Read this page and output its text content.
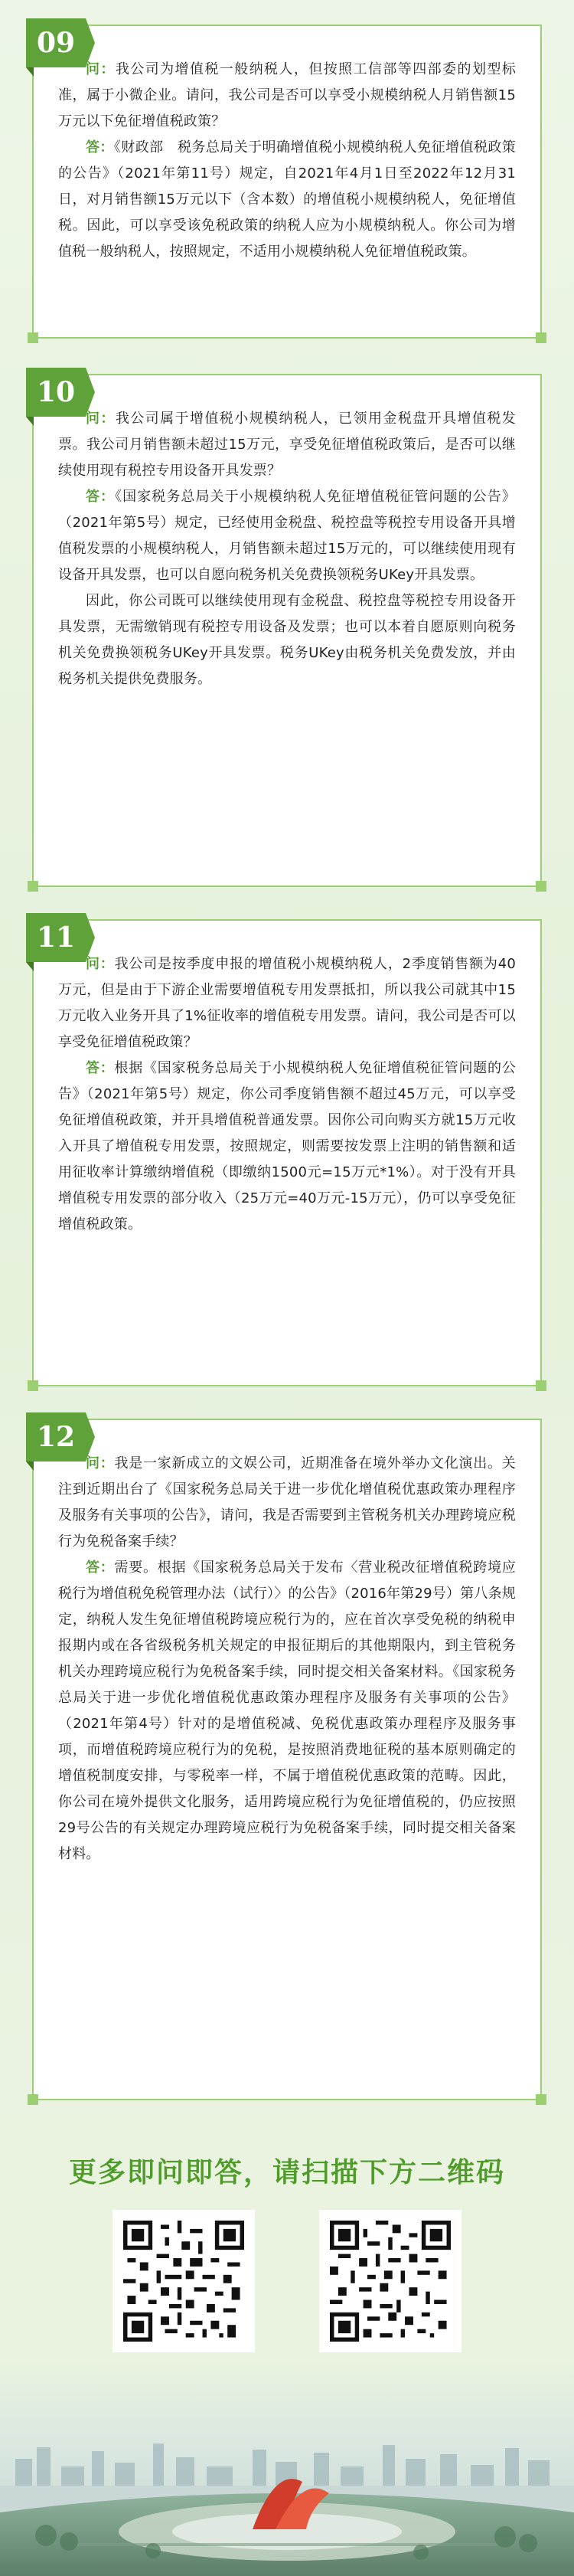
09

问：我公司为增值税一般纳税人，但按照工信部等四部委的划型标准，属于小微企业。请问，我公司是否可以享受小规模纳税人月销售额15万元以下免征增值税政策？

答：《财政部　税务总局关于明确增值税小规模纳税人免征增值税政策的公告》（2021年第11号）规定，自2021年4月1日至2022年12月31日，对月销售额15万元以下（含本数）的增值税小规模纳税人，免征增值税。因此，可以享受该免税政策的纳税人应为小规模纳税人。你公司为增值税一般纳税人，按照规定，不适用小规模纳税人免征增值税政策。

10

问：我公司属于增值税小规模纳税人，已领用金税盘开具增值税发票。我公司月销售额未超过15万元，享受免征增值税政策后，是否可以继续使用现有税控专用设备开具发票？

答：《国家税务总局关于小规模纳税人免征增值税征管问题的公告》（2021年第5号）规定，已经使用金税盘、税控盘等税控专用设备开具增值税发票的小规模纳税人，月销售额未超过15万元的，可以继续使用现有设备开具发票，也可以自愿向税务机关免费换领税务UKey开具发票。

因此，你公司既可以继续使用现有金税盘、税控盘等税控专用设备开具发票，无需缴销现有税控专用设备及发票；也可以本着自愿原则向税务机关免费换领税务UKey开具发票。税务UKey由税务机关免费发放，并由税务机关提供免费服务。

11

问：我公司是按季度申报的增值税小规模纳税人，2季度销售额为40万元，但是由于下游企业需要增值税专用发票抵扣，所以我公司就其中15万元收入业务开具了1%征收率的增值税专用发票。请问，我公司是否可以享受免征增值税政策？

答：根据《国家税务总局关于小规模纳税人免征增值税征管问题的公告》（2021年第5号）规定，你公司季度销售额不超过45万元，可以享受免征增值税政策，并开具增值税普通发票。因你公司向购买方就15万元收入开具了增值税专用发票，按照规定，则需要按发票上注明的销售额和适用征收率计算缴纳增值税（即缴纳1500元=15万元*1%）。对于没有开具增值税专用发票的部分收入（25万元=40万元-15万元），仍可以享受免征增值税政策。

12

问：我是一家新成立的文娱公司，近期准备在境外举办文化演出。关注到近期出台了《国家税务总局关于进一步优化增值税优惠政策办理程序及服务有关事项的公告》，请问，我是否需要到主管税务机关办理跨境应税行为免税备案手续？

答：需要。根据《国家税务总局关于发布〈营业税改征增值税跨境应税行为增值税免税管理办法（试行）〉的公告》（2016年第29号）第八条规定，纳税人发生免征增值税跨境应税行为的，应在首次享受免税的纳税申报期内或在各省级税务机关规定的申报征期后的其他期限内，到主管税务机关办理跨境应税行为免税备案手续，同时提交相关备案材料。《国家税务总局关于进一步优化增值税优惠政策办理程序及服务有关事项的公告》（2021年第4号）针对的是增值税减、免税优惠政策办理程序及服务事项，而增值税跨境应税行为的免税，是按照消费地征税的基本原则确定的增值税制度安排，与零税率一样，不属于增值税优惠政策的范畴。因此，你公司在境外提供文化服务，适用跨境应税行为免征增值税的，仍应按照29号公告的有关规定办理跨境应税行为免税备案手续，同时提交相关备案材料。

更多即问即答，请扫描下方二维码
